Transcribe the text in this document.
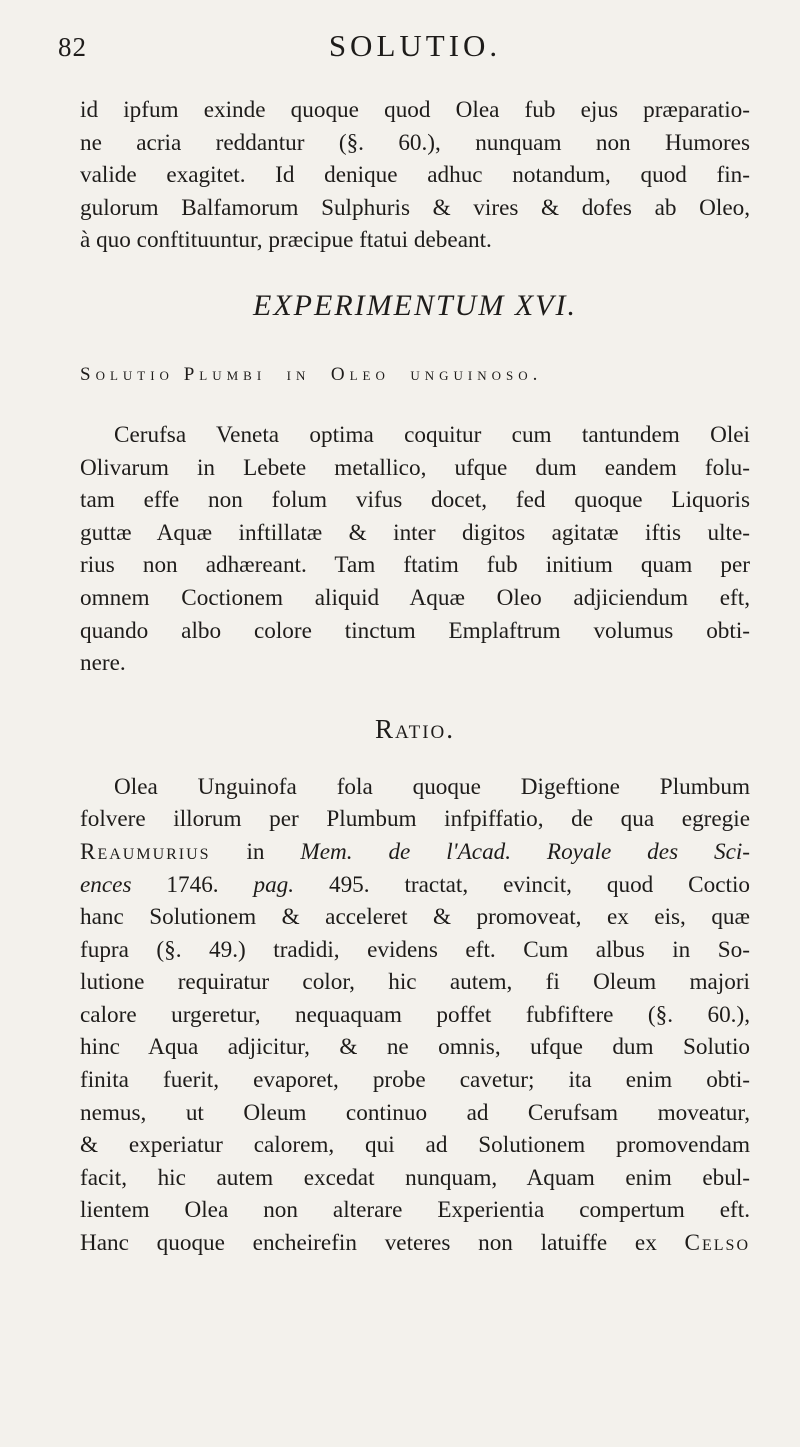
82	SOLUTIO.

id ipfum exinde quoque quod Olea fub ejus præparatio-
ne acria reddantur (§. 60.), nunquam non Humores
valide exagitet. Id denique adhuc notandum, quod fin-
gulorum Balfamorum Sulphuris & vires & dofes ab Oleo,
à quo conftituuntur, præcipue ftatui debeant.

EXPERIMENTUM XVI.
Solutio Plumbi in Oleo unguinoso.

Cerufsa Veneta optima coquitur cum tantundem Olei
Olivarum in Lebete metallico, ufque dum eandem folu-
tam effe non folum vifus docet, fed quoque Liquoris
guttæ Aquæ inftillatæ & inter digitos agitatæ iftis ulte-
rius non adhæreant. Tam ftatim fub initium quam per
omnem Coctionem aliquid Aquæ Oleo adjiciendum eft,
quando albo colore tinctum Emplaftrum volumus obti-
nere.

Ratio.

Olea Unguinofa fola quoque Digeftione Plumbum
folvere illorum per Plumbum infpiffatio, de qua egregie
Reaumurius in Mem. de l'Acad. Royale des Sci-
ences 1746. pag. 495. tractat, evincit, quod Coctio
hanc Solutionem & acceleret & promoveat, ex eis, quæ
fupra (§. 49.) tradidi, evidens eft. Cum albus in So-
lutione requiratur color, hic autem, fi Oleum majori
calore urgeretur, nequaquam poffet fubfiftere (§. 60.),
hinc Aqua adjicitur, & ne omnis, ufque dum Solutio
finita fuerit, evaporet, probe cavetur; ita enim obti-
nemus, ut Oleum continuo ad Cerufsam moveatur,
& experiatur calorem, qui ad Solutionem promovendam
facit, hic autem excedat nunquam, Aquam enim ebul-
lientem Olea non alterare Experientia compertum eft.
Hanc quoque encheirefin veteres non latuiffe ex Celso
